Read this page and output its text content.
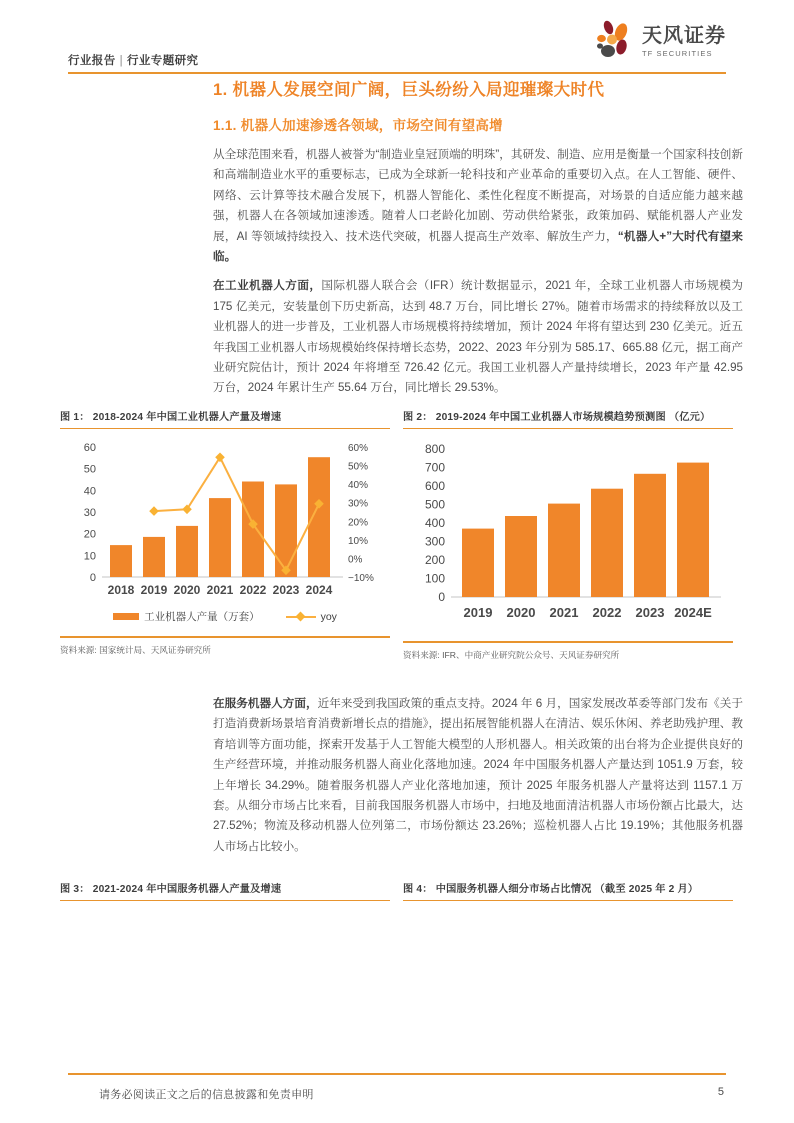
行业报告 | 行业专题研究
天风证券
TF SECURITIES
1. 机器人发展空间广阔，巨头纷纷入局迎璀璨大时代
1.1. 机器人加速渗透各领域，市场空间有望高增

从全球范围来看，机器人被誉为“制造业皇冠顶端的明珠”，其研发、制造、应用是衡量一个国家科技创新和高端制造业水平的重要标志，已成为全球新一轮科技和产业革命的重要切入点。在人工智能、硬件、网络、云计算等技术融合发展下，机器人智能化、柔性化程度不断提高，对场景的自适应能力越来越强，机器人在各领域加速渗透。随着人口老龄化加剧、劳动供给紧张，政策加码、赋能机器人产业发展，AI 等领域持续投入、技术迭代突破，机器人提高生产效率、解放生产力，“机器人+”大时代有望来临。

在工业机器人方面，国际机器人联合会（IFR）统计数据显示，2021 年，全球工业机器人市场规模为 175 亿美元，安装量创下历史新高，达到 48.7 万台，同比增长 27%。随着市场需求的持续释放以及工业机器人的进一步普及，工业机器人市场规模将持续增加，预计 2024 年将有望达到 230 亿美元。近五年我国工业机器人市场规模始终保持增长态势，2022、2023 年分别为 585.17、665.88 亿元，据工商产业研究院估计，预计 2024 年将增至 726.42 亿元。我国工业机器人产量持续增长，2023 年产量 42.95 万台，2024 年累计生产 55.64 万台，同比增长 29.53%。

图 1： 2018-2024 年中国工业机器人产量及增速
60
50
40
30
20
10
0
60%
50%
40%
30%
20%
10%
0%
−10%
2018 2019 2020 2021 2022 2023 2024
工业机器人产量（万套）	yoy
资料来源: 国家统计局、天风证券研究所
图 2： 2019-2024 年中国工业机器人市场规模趋势预测图 （亿元）
800
700
600
500
400
300
200
100
0
2019 2020 2021 2022 2023 2024E
资料来源: IFR、中商产业研究院公众号、天风证券研究所

在服务机器人方面，近年来受到我国政策的重点支持。2024 年 6 月，国家发展改革委等部门发布《关于打造消费新场景培育消费新增长点的措施》，提出拓展智能机器人在清洁、娱乐休闲、养老助残护理、教育培训等方面功能，探索开发基于人工智能大模型的人形机器人。相关政策的出台将为企业提供良好的生产经营环境，并推动服务机器人商业化落地加速。2024 年中国服务机器人产量达到 1051.9 万套，较上年增长 34.29%。随着服务机器人产业化落地加速，预计 2025 年服务机器人产量将达到 1157.1 万套。从细分市场占比来看，目前我国服务机器人市场中，扫地及地面清洁机器人市场份额占比最大，达 27.52%；物流及移动机器人位列第二，市场份额达 23.26%；巡检机器人占比 19.19%；其他服务机器人市场占比较小。

图 3： 2021-2024 年中国服务机器人产量及增速	图 4： 中国服务机器人细分市场占比情况 （截至 2025 年 2 月）
请务必阅读正文之后的信息披露和免责申明	5
